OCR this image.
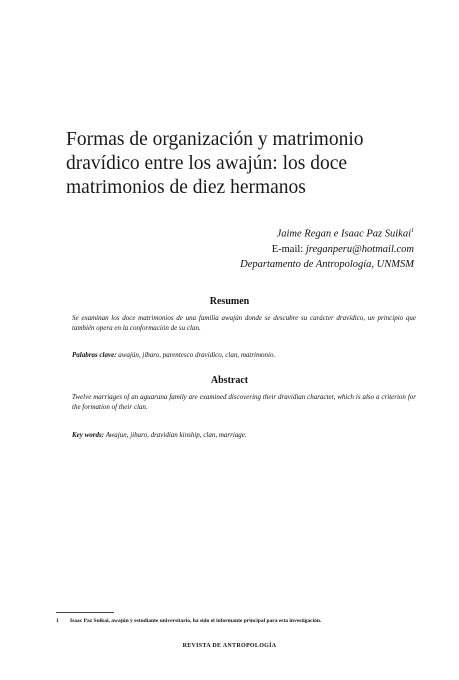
Formas de organización y matrimonio dravídico entre los awajún: los doce matrimonios de diez hermanos
Jaime Regan e Isaac Paz Suikai$^1$
E-mail: jreganperu@hotmail.com
Departamento de Antropología, UNMSM
Resumen
Se examinan los doce matrimonios de una familia awajún donde se descubre su carácter dravídico, un principio que también opera en la conformación de su clan.
Palabras clave: awajún, jíbaro, parentesco dravídico, clan, matrimonio.
Abstract
Twelve marriages of an aguaruna family are examined discovering their dravidian character, which is also a criterion for the formation of their clan.
Key words: Awajun, jibaro, dravidian kinship, clan, marriage.
1 Isaac Paz Suikai, awajún y estudiante universitario, ha sido el informante principal para esta investigación.
REVISTA DE ANTROPOLOGÍA
